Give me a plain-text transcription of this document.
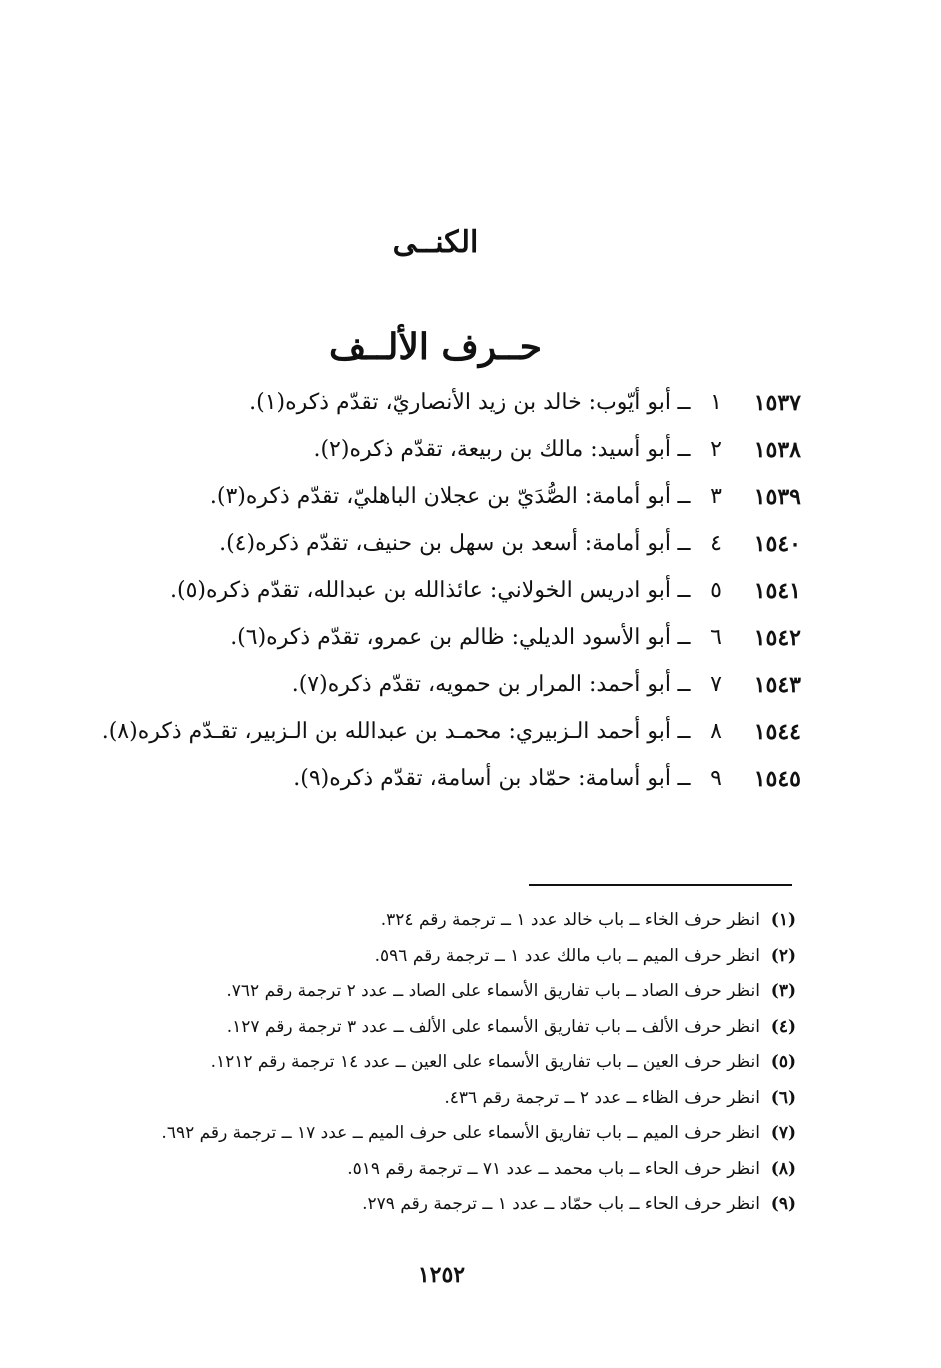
الكنــى
حــرف الألــف
١٥٣٧
١
ــ
أبو أيّوب: خالد بن زيد الأنصاريّ، تقدّم ذكره(١).
١٥٣٨
٢
ــ
أبو أسيد: مالك بن ربيعة، تقدّم ذكره(٢).
١٥٣٩
٣
ــ
أبو أمامة: الصُّدَيّ بن عجلان الباهليّ، تقدّم ذكره(٣).
١٥٤٠
٤
ــ
أبو أمامة: أسعد بن سهل بن حنيف، تقدّم ذكره(٤).
١٥٤١
٥
ــ
أبو ادريس الخولاني: عائذالله بن عبدالله، تقدّم ذكره(٥).
١٥٤٢
٦
ــ
أبو الأسود الديلي: ظالم بن عمرو، تقدّم ذكره(٦).
١٥٤٣
٧
ــ
أبو أحمد: المرار بن حمويه، تقدّم ذكره(٧).
١٥٤٤
٨
ــ
أبو أحمد الـزبيري: محمـد بن عبدالله بن الـزبير، تقـدّم ذكره(٨).
١٥٤٥
٩
ــ
أبو أسامة: حمّاد بن أسامة، تقدّم ذكره(٩).
(١)
انظر حرف الخاء ــ باب خالد عدد ١ ــ ترجمة رقم ٣٢٤.
(٢)
انظر حرف الميم ــ باب مالك عدد ١ ــ ترجمة رقم ٥٩٦.
(٣)
انظر حرف الصاد ــ باب تفاريق الأسماء على الصاد ــ عدد ٢ ترجمة رقم ٧٦٢.
(٤)
انظر حرف الألف ــ باب تفاريق الأسماء على الألف ــ عدد ٣ ترجمة رقم ١٢٧.
(٥)
انظر حرف العين ــ باب تفاريق الأسماء على العين ــ عدد ١٤ ترجمة رقم ١٢١٢.
(٦)
انظر حرف الظاء ــ عدد ٢ ــ ترجمة رقم ٤٣٦.
(٧)
انظر حرف الميم ــ باب تفاريق الأسماء على حرف الميم ــ عدد ١٧ ــ ترجمة رقم ٦٩٢.
(٨)
انظر حرف الحاء ــ باب محمد ــ عدد ٧١ ــ ترجمة رقم ٥١٩.
(٩)
انظر حرف الحاء ــ باب حمّاد ــ عدد ١ ــ ترجمة رقم ٢٧٩.
١٢٥٢
